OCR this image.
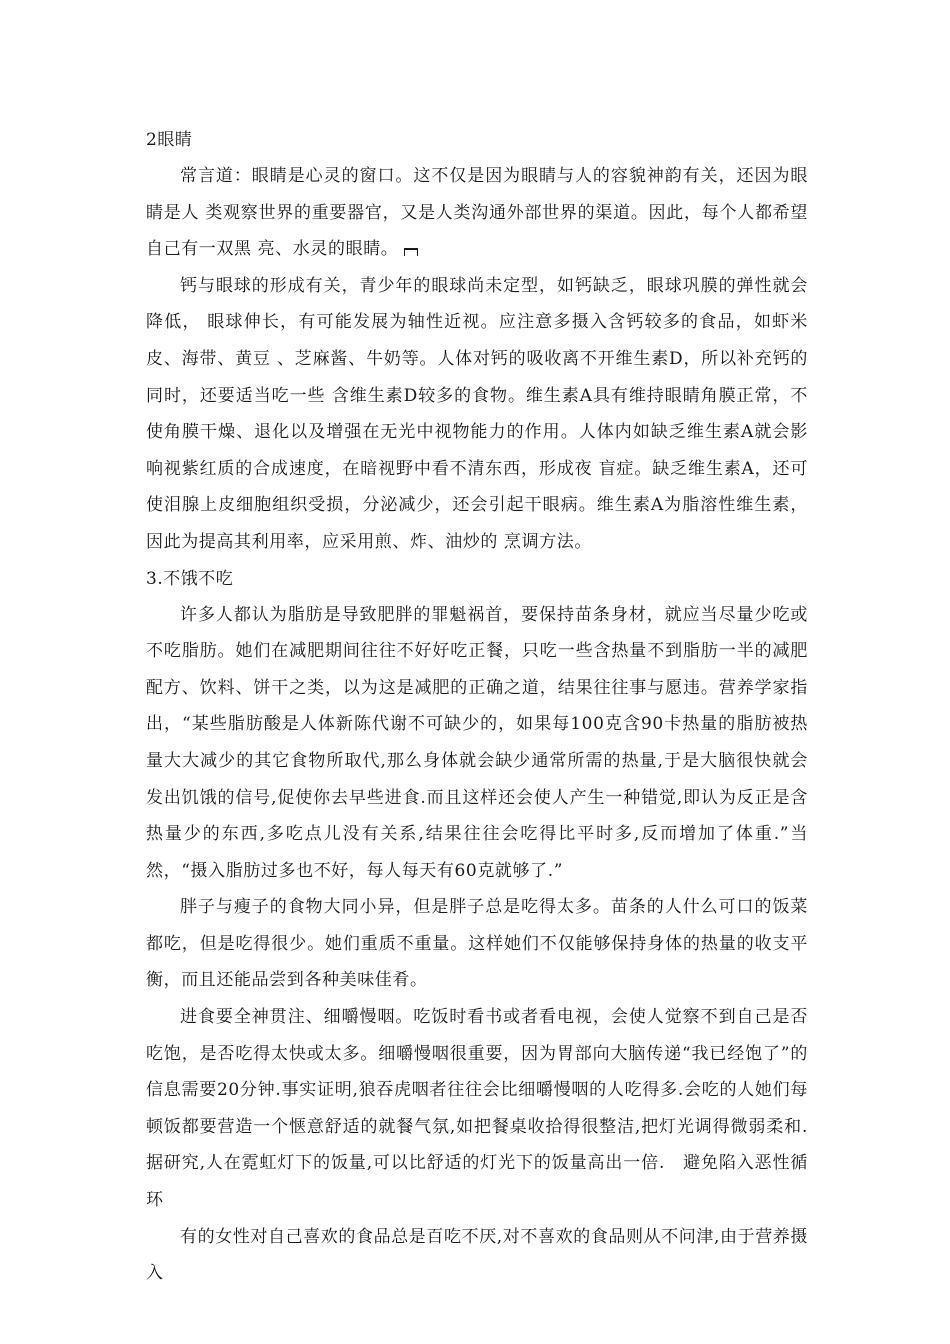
2眼睛

常言道：眼睛是心灵的窗口。这不仅是因为眼睛与人的容貌神韵有关，还因为眼睛是人 类观察世界的重要器官，又是人类沟通外部世界的渠道。因此，每个人都希望自己有一双黑 亮、水灵的眼睛。

钙与眼球的形成有关，青少年的眼球尚未定型，如钙缺乏，眼球巩膜的弹性就会降低， 眼球伸长，有可能发展为轴性近视。应注意多摄入含钙较多的食品，如虾米皮、海带、黄豆 、芝麻酱、牛奶等。人体对钙的吸收离不开维生素D，所以补充钙的同时，还要适当吃一些 含维生素D较多的食物。维生素A具有维持眼睛角膜正常，不使角膜干燥、退化以及增强在无光中视物能力的作用。人体内如缺乏维生素A就会影响视紫红质的合成速度，在暗视野中看不清东西，形成夜 盲症。缺乏维生素A，还可使泪腺上皮细胞组织受损，分泌减少，还会引起干眼病。维生素A为脂溶性维生素，因此为提高其利用率，应采用煎、炸、油炒的 烹调方法。

3.不饿不吃

许多人都认为脂肪是导致肥胖的罪魁祸首，要保持苗条身材，就应当尽量少吃或不吃脂肪。她们在减肥期间往往不好好吃正餐，只吃一些含热量不到脂肪一半的减肥配方、饮料、饼干之类，以为这是减肥的正确之道，结果往往事与愿违。营养学家指出，“某些脂肪酸是人体新陈代谢不可缺少的，如果每100克含90卡热量的脂肪被热量大大减少的其它食物所取代,那么身体就会缺少通常所需的热量,于是大脑很快就会发出饥饿的信号,促使你去早些进食.而且这样还会使人产生一种错觉,即认为反正是含热量少的东西,多吃点儿没有关系,结果往往会吃得比平时多,反而增加了体重.”当然，“摄入脂肪过多也不好，每人每天有60克就够了.”

胖子与瘦子的食物大同小异，但是胖子总是吃得太多。苗条的人什么可口的饭菜都吃，但是吃得很少。她们重质不重量。这样她们不仅能够保持身体的热量的收支平衡，而且还能品尝到各种美味佳肴。

进食要全神贯注、细嚼慢咽。吃饭时看书或者看电视，会使人觉察不到自己是否吃饱，是否吃得太快或太多。细嚼慢咽很重要，因为胃部向大脑传递“我已经饱了”的信息需要20分钟.事实证明,狼吞虎咽者往往会比细嚼慢咽的人吃得多.会吃的人她们每顿饭都要营造一个惬意舒适的就餐气氛,如把餐桌收拾得很整洁,把灯光调得微弱柔和.据研究,人在霓虹灯下的饭量,可以比舒适的灯光下的饭量高出一倍.　避免陷入恶性循环

有的女性对自己喜欢的食品总是百吃不厌,对不喜欢的食品则从不问津,由于营养摄入
